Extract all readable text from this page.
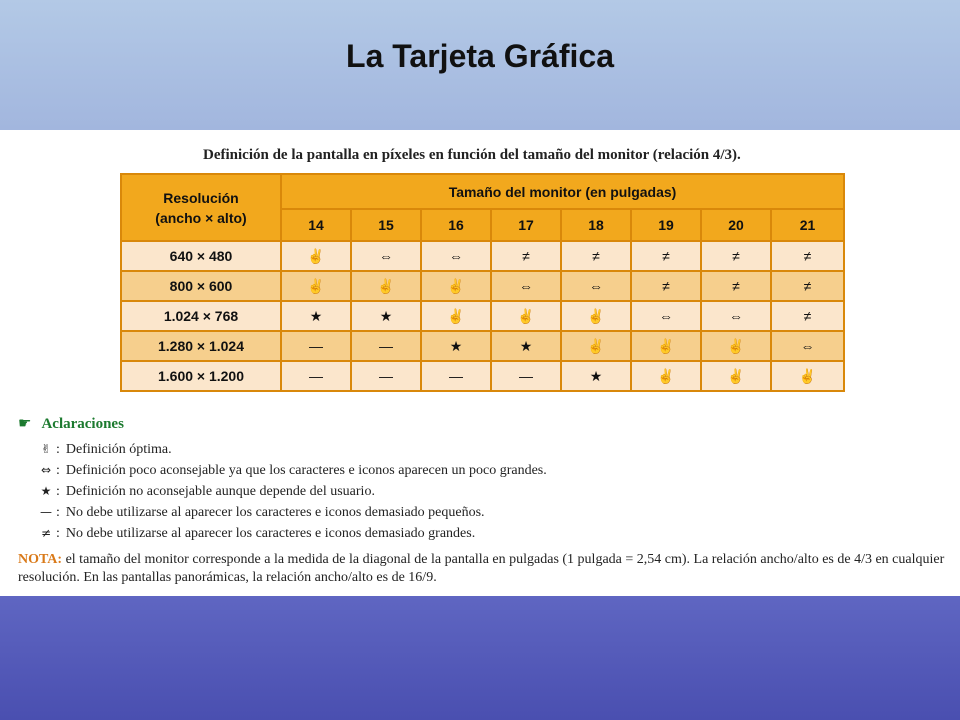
La Tarjeta Gráfica
Definición de la pantalla en píxeles en función del tamaño del monitor (relación 4/3).
Resolución
(ancho × alto)	Tamaño del monitor (en pulgadas)							
	14	15	16	17	18	19	20	21
640 × 480	✌	⇔	⇔	≠	≠	≠	≠	≠
800 × 600	✌	✌	✌	⇔	⇔	≠	≠	≠
1.024 × 768	★	★	✌	✌	✌	⇔	⇔	≠
1.280 × 1.024	—	—	★	★	✌	✌	✌	⇔
1.600 × 1.200	—	—	—	—	★	✌	✌	✌
☛ Aclaraciones
✌ : Definición óptima.
⇔ : Definición poco aconsejable ya que los caracteres e iconos aparecen un poco grandes.
★ : Definición no aconsejable aunque depende del usuario.
— : No debe utilizarse al aparecer los caracteres e iconos demasiado pequeños.
≠ : No debe utilizarse al aparecer los caracteres e iconos demasiado grandes.
NOTA: el tamaño del monitor corresponde a la medida de la diagonal de la pantalla en pulgadas (1 pulgada = 2,54 cm). La relación ancho/alto es de 4/3 en cualquier resolución. En las pantallas panorámicas, la relación ancho/alto es de 16/9.
